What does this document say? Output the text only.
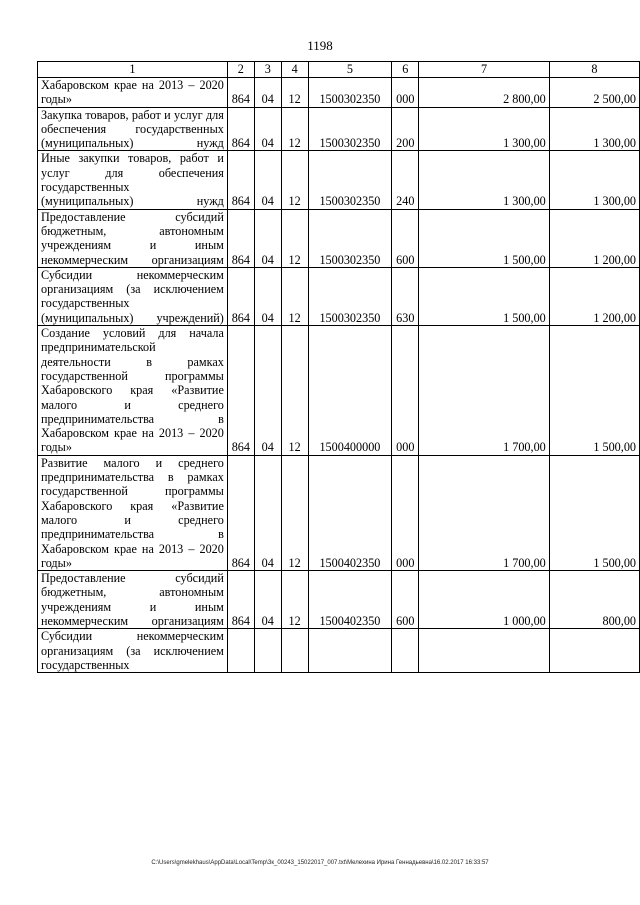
1198
1	2	3	4	5	6	7	8
Хабаровском крае на 2013 – 2020 годы»	864	04	12	1500302350	000	2 800,00	2 500,00
Закупка товаров, работ и услуг для обеспечения государственных (муниципальных) нужд	864	04	12	1500302350	200	1 300,00	1 300,00
Иные закупки товаров, работ и услуг для обеспечения государственных (муниципальных) нужд	864	04	12	1500302350	240	1 300,00	1 300,00
Предоставление субсидий бюджетным, автономным учреждениям и иным некоммерческим организациям	864	04	12	1500302350	600	1 500,00	1 200,00
Субсидии некоммерческим организациям (за исключением государственных (муниципальных) учреждений)	864	04	12	1500302350	630	1 500,00	1 200,00
Создание условий для начала предпринимательской деятельности в рамках государственной программы Хабаровского края «Развитие малого и среднего предпринимательства в Хабаровском крае на 2013 – 2020 годы»	864	04	12	1500400000	000	1 700,00	1 500,00
Развитие малого и среднего предпринимательства в рамках государственной программы Хабаровского края «Развитие малого и среднего предпринимательства в Хабаровском крае на 2013 – 2020 годы»	864	04	12	1500402350	000	1 700,00	1 500,00
Предоставление субсидий бюджетным, автономным учреждениям и иным некоммерческим организациям	864	04	12	1500402350	600	1 000,00	800,00
Субсидии некоммерческим организациям (за исключением государственных							
C:\Users\gmelekhaus\AppData\Local\Temp\Зк_00243_15022017_007.txt\Мелехина Ирина Геннадьевна\16.02.2017 16:33:57
